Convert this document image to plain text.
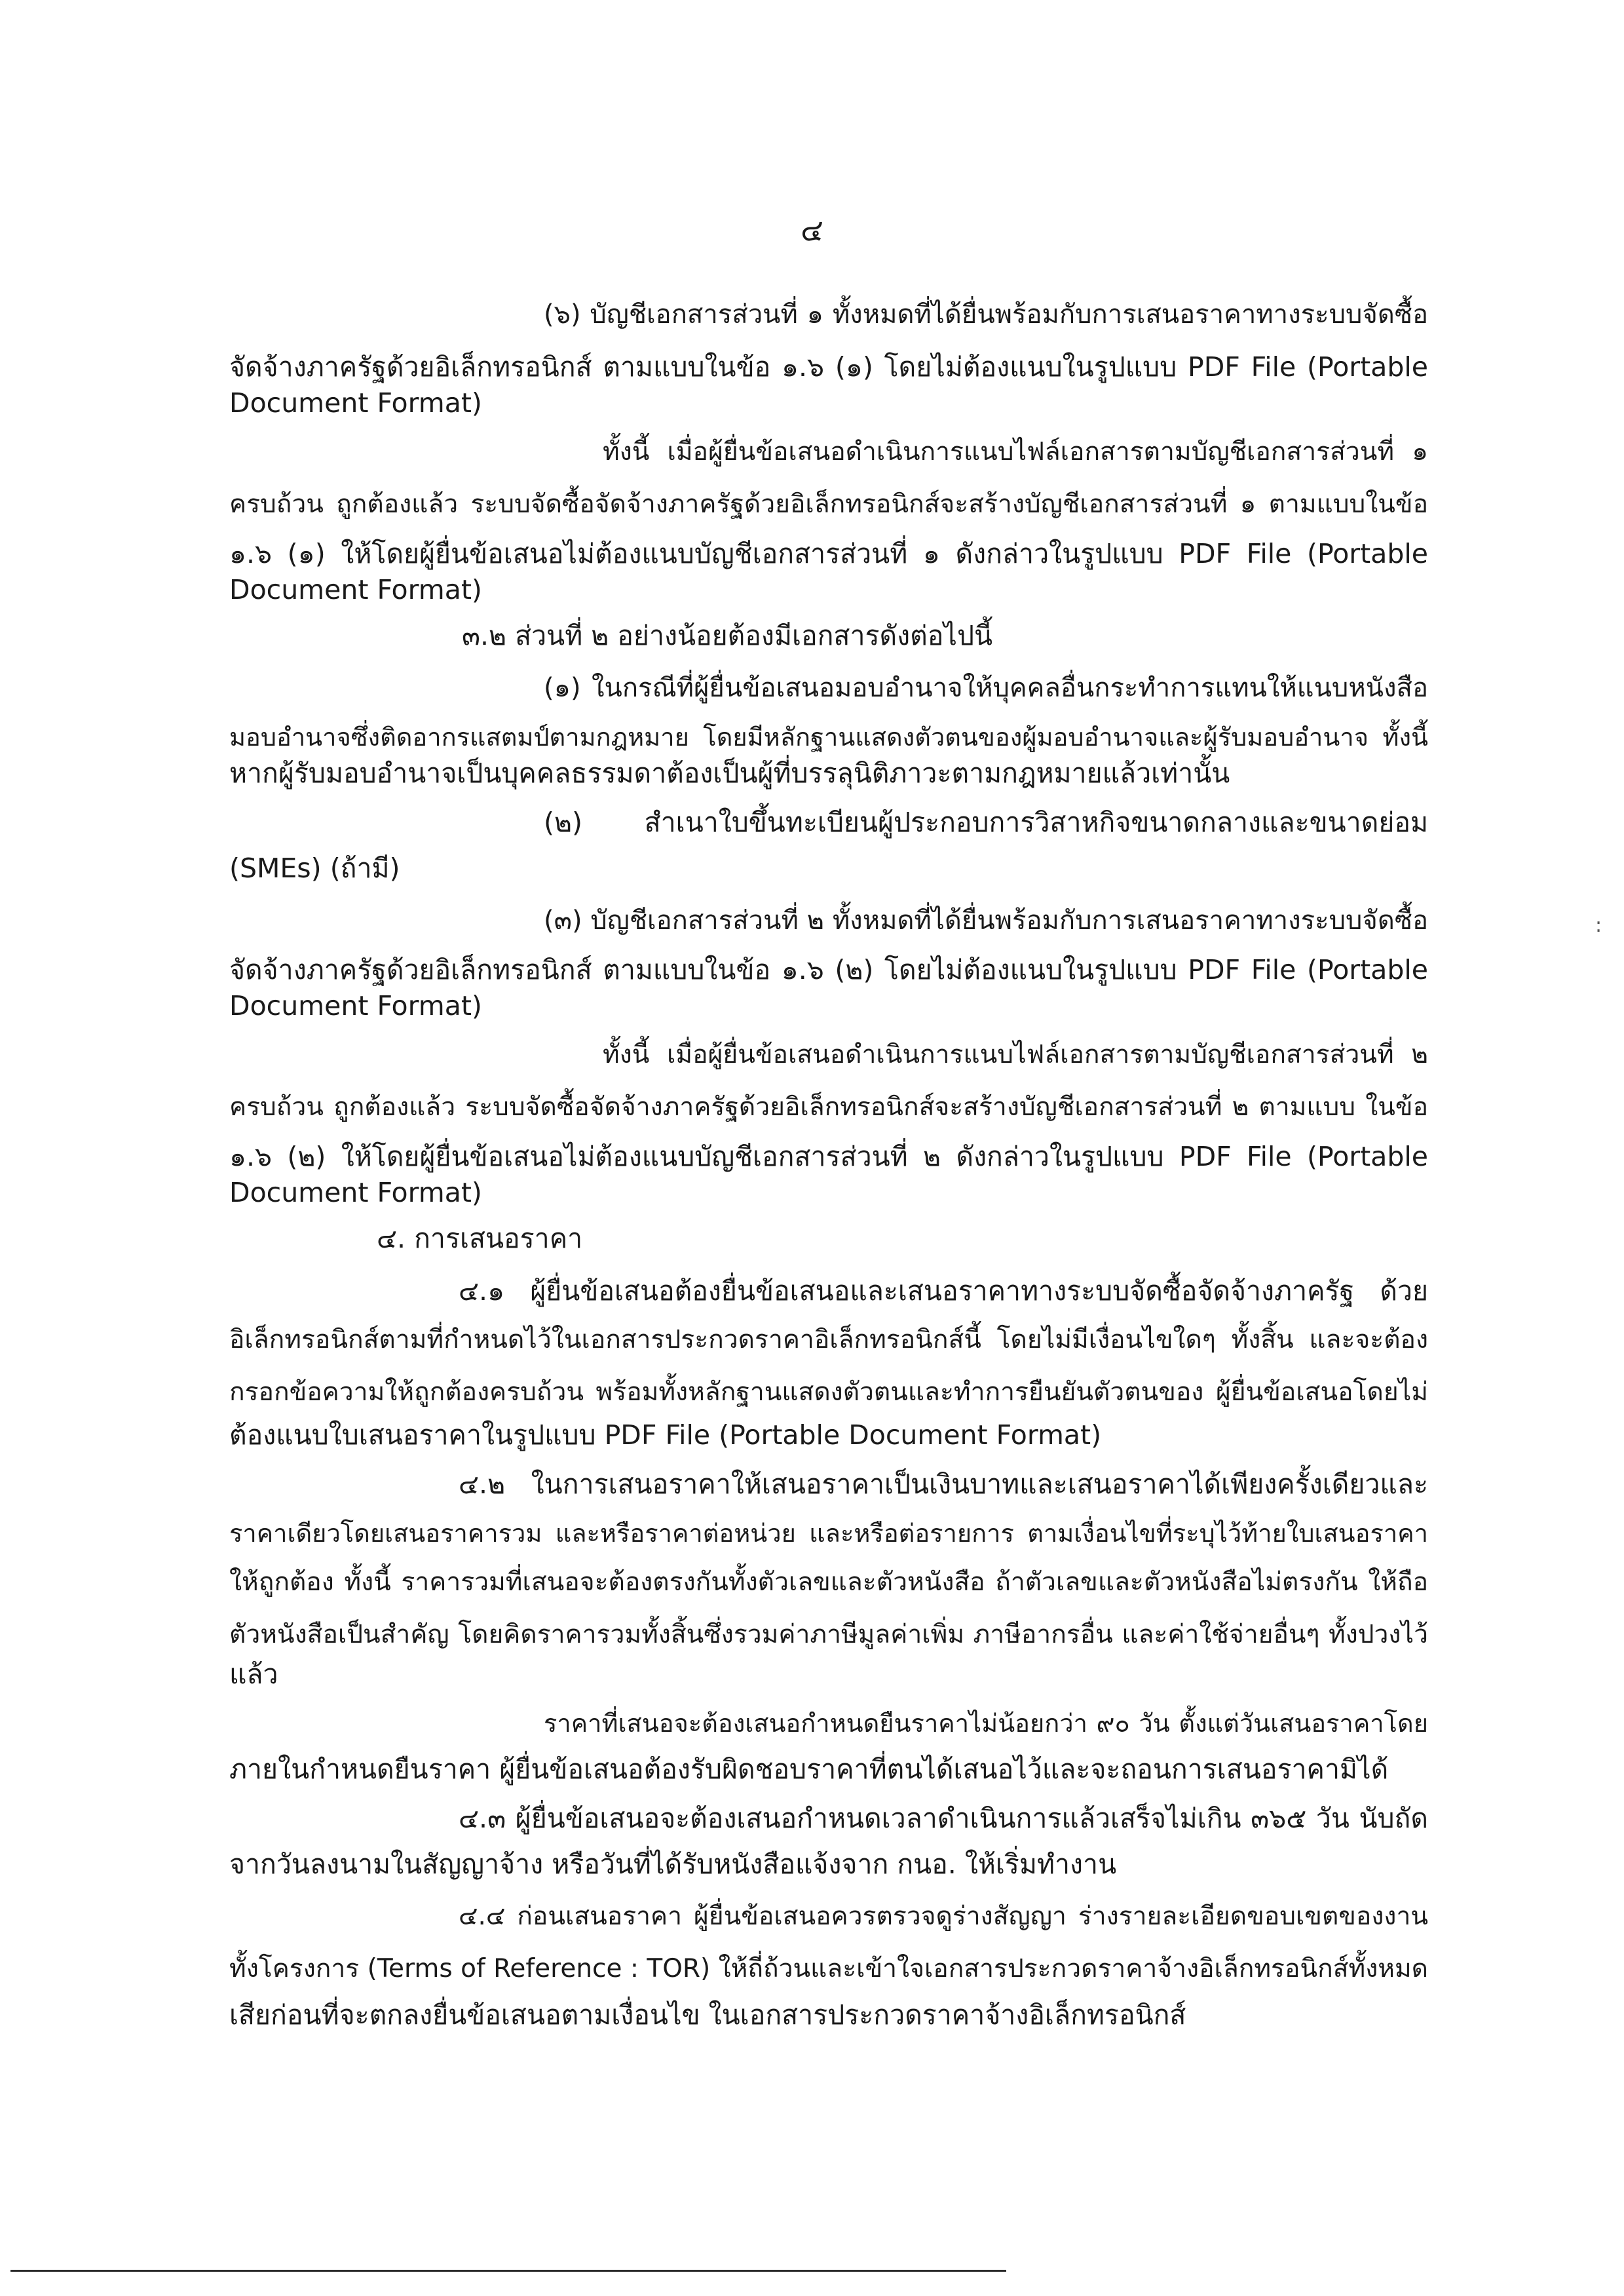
๔
(๖) บัญชีเอกสารส่วนที่ ๑ ทั้งหมดที่ได้ยื่นพร้อมกับการเสนอราคาทางระบบจัดซื้อ
จัดจ้างภาครัฐด้วยอิเล็กทรอนิกส์ ตามแบบในข้อ ๑.๖ (๑) โดยไม่ต้องแนบในรูปแบบ PDF File (Portable
Document Format)
ทั้งนี้ เมื่อผู้ยื่นข้อเสนอดำเนินการแนบไฟล์เอกสารตามบัญชีเอกสารส่วนที่ ๑
ครบถ้วน ถูกต้องแล้ว ระบบจัดซื้อจัดจ้างภาครัฐด้วยอิเล็กทรอนิกส์จะสร้างบัญชีเอกสารส่วนที่ ๑ ตามแบบในข้อ
๑.๖ (๑) ให้โดยผู้ยื่นข้อเสนอไม่ต้องแนบบัญชีเอกสารส่วนที่ ๑ ดังกล่าวในรูปแบบ PDF File (Portable
Document Format)
๓.๒ ส่วนที่ ๒ อย่างน้อยต้องมีเอกสารดังต่อไปนี้
(๑) ในกรณีที่ผู้ยื่นข้อเสนอมอบอำนาจให้บุคคลอื่นกระทำการแทนให้แนบหนังสือ
มอบอำนาจซึ่งติดอากรแสตมป์ตามกฎหมาย โดยมีหลักฐานแสดงตัวตนของผู้มอบอำนาจและผู้รับมอบอำนาจ ทั้งนี้
หากผู้รับมอบอำนาจเป็นบุคคลธรรมดาต้องเป็นผู้ที่บรรลุนิติภาวะตามกฎหมายแล้วเท่านั้น
(๒) สำเนาใบขึ้นทะเบียนผู้ประกอบการวิสาหกิจขนาดกลางและขนาดย่อม
(SMEs) (ถ้ามี)
(๓) บัญชีเอกสารส่วนที่ ๒ ทั้งหมดที่ได้ยื่นพร้อมกับการเสนอราคาทางระบบจัดซื้อ
จัดจ้างภาครัฐด้วยอิเล็กทรอนิกส์ ตามแบบในข้อ ๑.๖ (๒) โดยไม่ต้องแนบในรูปแบบ PDF File (Portable
Document Format)
ทั้งนี้ เมื่อผู้ยื่นข้อเสนอดำเนินการแนบไฟล์เอกสารตามบัญชีเอกสารส่วนที่ ๒
ครบถ้วน ถูกต้องแล้ว ระบบจัดซื้อจัดจ้างภาครัฐด้วยอิเล็กทรอนิกส์จะสร้างบัญชีเอกสารส่วนที่ ๒ ตามแบบ ในข้อ
๑.๖ (๒) ให้โดยผู้ยื่นข้อเสนอไม่ต้องแนบบัญชีเอกสารส่วนที่ ๒ ดังกล่าวในรูปแบบ PDF File (Portable
Document Format)
๔. การเสนอราคา
๔.๑ ผู้ยื่นข้อเสนอต้องยื่นข้อเสนอและเสนอราคาทางระบบจัดซื้อจัดจ้างภาครัฐ ด้วย
อิเล็กทรอนิกส์ตามที่กำหนดไว้ในเอกสารประกวดราคาอิเล็กทรอนิกส์นี้ โดยไม่มีเงื่อนไขใดๆ ทั้งสิ้น และจะต้อง
กรอกข้อความให้ถูกต้องครบถ้วน พร้อมทั้งหลักฐานแสดงตัวตนและทำการยืนยันตัวตนของ ผู้ยื่นข้อเสนอโดยไม่
ต้องแนบใบเสนอราคาในรูปแบบ PDF File (Portable Document Format)
๔.๒ ในการเสนอราคาให้เสนอราคาเป็นเงินบาทและเสนอราคาได้เพียงครั้งเดียวและ
ราคาเดียวโดยเสนอราคารวม และหรือราคาต่อหน่วย และหรือต่อรายการ ตามเงื่อนไขที่ระบุไว้ท้ายใบเสนอราคา
ให้ถูกต้อง ทั้งนี้ ราคารวมที่เสนอจะต้องตรงกันทั้งตัวเลขและตัวหนังสือ ถ้าตัวเลขและตัวหนังสือไม่ตรงกัน ให้ถือ
ตัวหนังสือเป็นสำคัญ โดยคิดราคารวมทั้งสิ้นซึ่งรวมค่าภาษีมูลค่าเพิ่ม ภาษีอากรอื่น และค่าใช้จ่ายอื่นๆ ทั้งปวงไว้
แล้ว
ราคาที่เสนอจะต้องเสนอกำหนดยืนราคาไม่น้อยกว่า ๙๐ วัน ตั้งแต่วันเสนอราคาโดย
ภายในกำหนดยืนราคา ผู้ยื่นข้อเสนอต้องรับผิดชอบราคาที่ตนได้เสนอไว้และจะถอนการเสนอราคามิได้
๔.๓ ผู้ยื่นข้อเสนอจะต้องเสนอกำหนดเวลาดำเนินการแล้วเสร็จไม่เกิน ๓๖๕ วัน นับถัด
จากวันลงนามในสัญญาจ้าง หรือวันที่ได้รับหนังสือแจ้งจาก กนอ. ให้เริ่มทำงาน
๔.๔ ก่อนเสนอราคา ผู้ยื่นข้อเสนอควรตรวจดูร่างสัญญา ร่างรายละเอียดขอบเขตของงาน
ทั้งโครงการ (Terms of Reference : TOR) ให้ถี่ถ้วนและเข้าใจเอกสารประกวดราคาจ้างอิเล็กทรอนิกส์ทั้งหมด
เสียก่อนที่จะตกลงยื่นข้อเสนอตามเงื่อนไข ในเอกสารประกวดราคาจ้างอิเล็กทรอนิกส์
:
